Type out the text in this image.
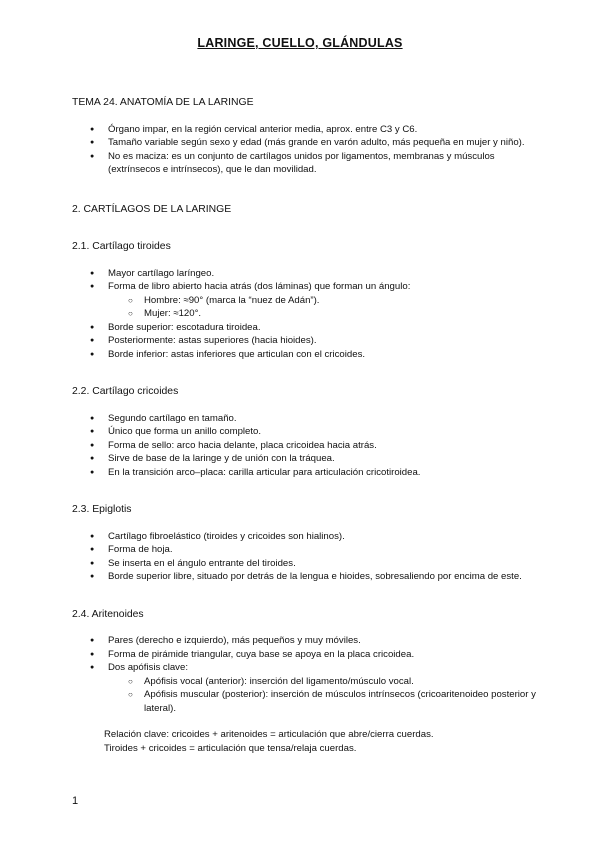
LARINGE, CUELLO, GLÁNDULAS
TEMA 24. ANATOMÍA DE LA LARINGE
● Órgano impar, en la región cervical anterior media, aprox. entre C3 y C6.
● Tamaño variable según sexo y edad (más grande en varón adulto, más pequeña en mujer y niño).
● No es maciza: es un conjunto de cartílagos unidos por ligamentos, membranas y músculos (extrínsecos e intrínsecos), que le dan movilidad.
2. CARTÍLAGOS DE LA LARINGE
2.1. Cartílago tiroides
● Mayor cartílago laríngeo.
● Forma de libro abierto hacia atrás (dos láminas) que forman un ángulo:
○ Hombre: ≈90° (marca la “nuez de Adán”).
○ Mujer: ≈120°.
● Borde superior: escotadura tiroidea.
● Posteriormente: astas superiores (hacia hioides).
● Borde inferior: astas inferiores que articulan con el cricoides.
2.2. Cartílago cricoides
● Segundo cartílago en tamaño.
● Único que forma un anillo completo.
● Forma de sello: arco hacia delante, placa cricoidea hacia atrás.
● Sirve de base de la laringe y de unión con la tráquea.
● En la transición arco–placa: carilla articular para articulación cricotiroidea.
2.3. Epiglotis
● Cartílago fibroelástico (tiroides y cricoides son hialinos).
● Forma de hoja.
● Se inserta en el ángulo entrante del tiroides.
● Borde superior libre, situado por detrás de la lengua e hioides, sobresaliendo por encima de este.
2.4. Aritenoides
● Pares (derecho e izquierdo), más pequeños y muy móviles.
● Forma de pirámide triangular, cuya base se apoya en la placa cricoidea.
● Dos apófisis clave:
○ Apófisis vocal (anterior): inserción del ligamento/músculo vocal.
○ Apófisis muscular (posterior): inserción de músculos intrínsecos (cricoaritenoideo posterior y lateral).
Relación clave: cricoides + aritenoides = articulación que abre/cierra cuerdas.
Tiroides + cricoides = articulación que tensa/relaja cuerdas.
1
